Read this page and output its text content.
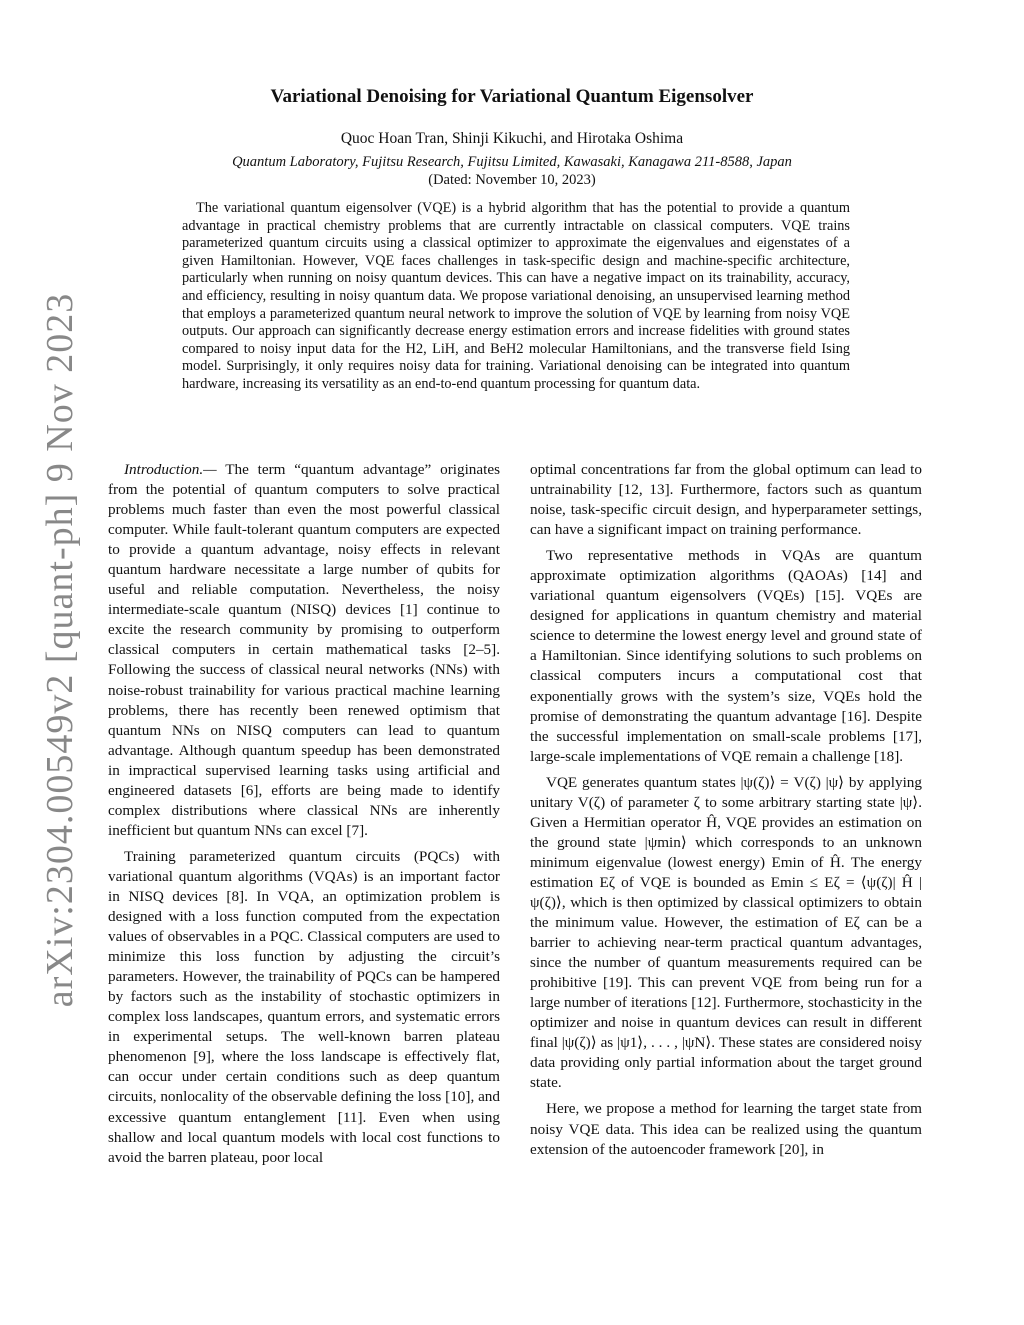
arXiv:2304.00549v2 [quant-ph] 9 Nov 2023
Variational Denoising for Variational Quantum Eigensolver
Quoc Hoan Tran, Shinji Kikuchi, and Hirotaka Oshima
Quantum Laboratory, Fujitsu Research, Fujitsu Limited, Kawasaki, Kanagawa 211-8588, Japan
(Dated: November 10, 2023)

The variational quantum eigensolver (VQE) is a hybrid algorithm that has the potential to provide a quantum advantage in practical chemistry problems that are currently intractable on classical computers. VQE trains parameterized quantum circuits using a classical optimizer to approximate the eigenvalues and eigenstates of a given Hamiltonian. However, VQE faces challenges in task-specific design and machine-specific architecture, particularly when running on noisy quantum devices. This can have a negative impact on its trainability, accuracy, and efficiency, resulting in noisy quantum data. We propose variational denoising, an unsupervised learning method that employs a parameterized quantum neural network to improve the solution of VQE by learning from noisy VQE outputs. Our approach can significantly decrease energy estimation errors and increase fidelities with ground states compared to noisy input data for the H2, LiH, and BeH2 molecular Hamiltonians, and the transverse field Ising model. Surprisingly, it only requires noisy data for training. Variational denoising can be integrated into quantum hardware, increasing its versatility as an end-to-end quantum processing for quantum data.

Introduction.— The term “quantum advantage” originates from the potential of quantum computers to solve practical problems much faster than even the most powerful classical computer. While fault-tolerant quantum computers are expected to provide a quantum advantage, noisy effects in relevant quantum hardware necessitate a large number of qubits for useful and reliable computation. Nevertheless, the noisy intermediate-scale quantum (NISQ) devices [1] continue to excite the research community by promising to outperform classical computers in certain mathematical tasks [2–5]. Following the success of classical neural networks (NNs) with noise-robust trainability for various practical machine learning problems, there has recently been renewed optimism that quantum NNs on NISQ computers can lead to quantum advantage. Although quantum speedup has been demonstrated in impractical supervised learning tasks using artificial and engineered datasets [6], efforts are being made to identify complex distributions where classical NNs are inherently inefficient but quantum NNs can excel [7].

Training parameterized quantum circuits (PQCs) with variational quantum algorithms (VQAs) is an important factor in NISQ devices [8]. In VQA, an optimization problem is designed with a loss function computed from the expectation values of observables in a PQC. Classical computers are used to minimize this loss function by adjusting the circuit’s parameters. However, the trainability of PQCs can be hampered by factors such as the instability of stochastic optimizers in complex loss landscapes, quantum errors, and systematic errors in experimental setups. The well-known barren plateau phenomenon [9], where the loss landscape is effectively flat, can occur under certain conditions such as deep quantum circuits, nonlocality of the observable defining the loss [10], and excessive quantum entanglement [11]. Even when using shallow and local quantum models with local cost functions to avoid the barren plateau, poor local

optimal concentrations far from the global optimum can lead to untrainability [12, 13]. Furthermore, factors such as quantum noise, task-specific circuit design, and hyperparameter settings, can have a significant impact on training performance.

Two representative methods in VQAs are quantum approximate optimization algorithms (QAOAs) [14] and variational quantum eigensolvers (VQEs) [15]. VQEs are designed for applications in quantum chemistry and material science to determine the lowest energy level and ground state of a Hamiltonian. Since identifying solutions to such problems on classical computers incurs a computational cost that exponentially grows with the system’s size, VQEs hold the promise of demonstrating the quantum advantage [16]. Despite the successful implementation on small-scale problems [17], large-scale implementations of VQE remain a challenge [18].

VQE generates quantum states |ψ(ζ)⟩ = V(ζ) |ψ⟩ by applying unitary V(ζ) of parameter ζ to some arbitrary starting state |ψ⟩. Given a Hermitian operator Ĥ, VQE provides an estimation on the ground state |ψmin⟩ which corresponds to an unknown minimum eigenvalue (lowest energy) Emin of Ĥ. The energy estimation Eζ of VQE is bounded as Emin ≤ Eζ = ⟨ψ(ζ)| Ĥ |ψ(ζ)⟩, which is then optimized by classical optimizers to obtain the minimum value. However, the estimation of Eζ can be a barrier to achieving near-term practical quantum advantages, since the number of quantum measurements required can be prohibitive [19]. This can prevent VQE from being run for a large number of iterations [12]. Furthermore, stochasticity in the optimizer and noise in quantum devices can result in different final |ψ(ζ)⟩ as |ψ1⟩, . . . , |ψN⟩. These states are considered noisy data providing only partial information about the target ground state.

Here, we propose a method for learning the target state from noisy VQE data. This idea can be realized using the quantum extension of the autoencoder framework [20], in
